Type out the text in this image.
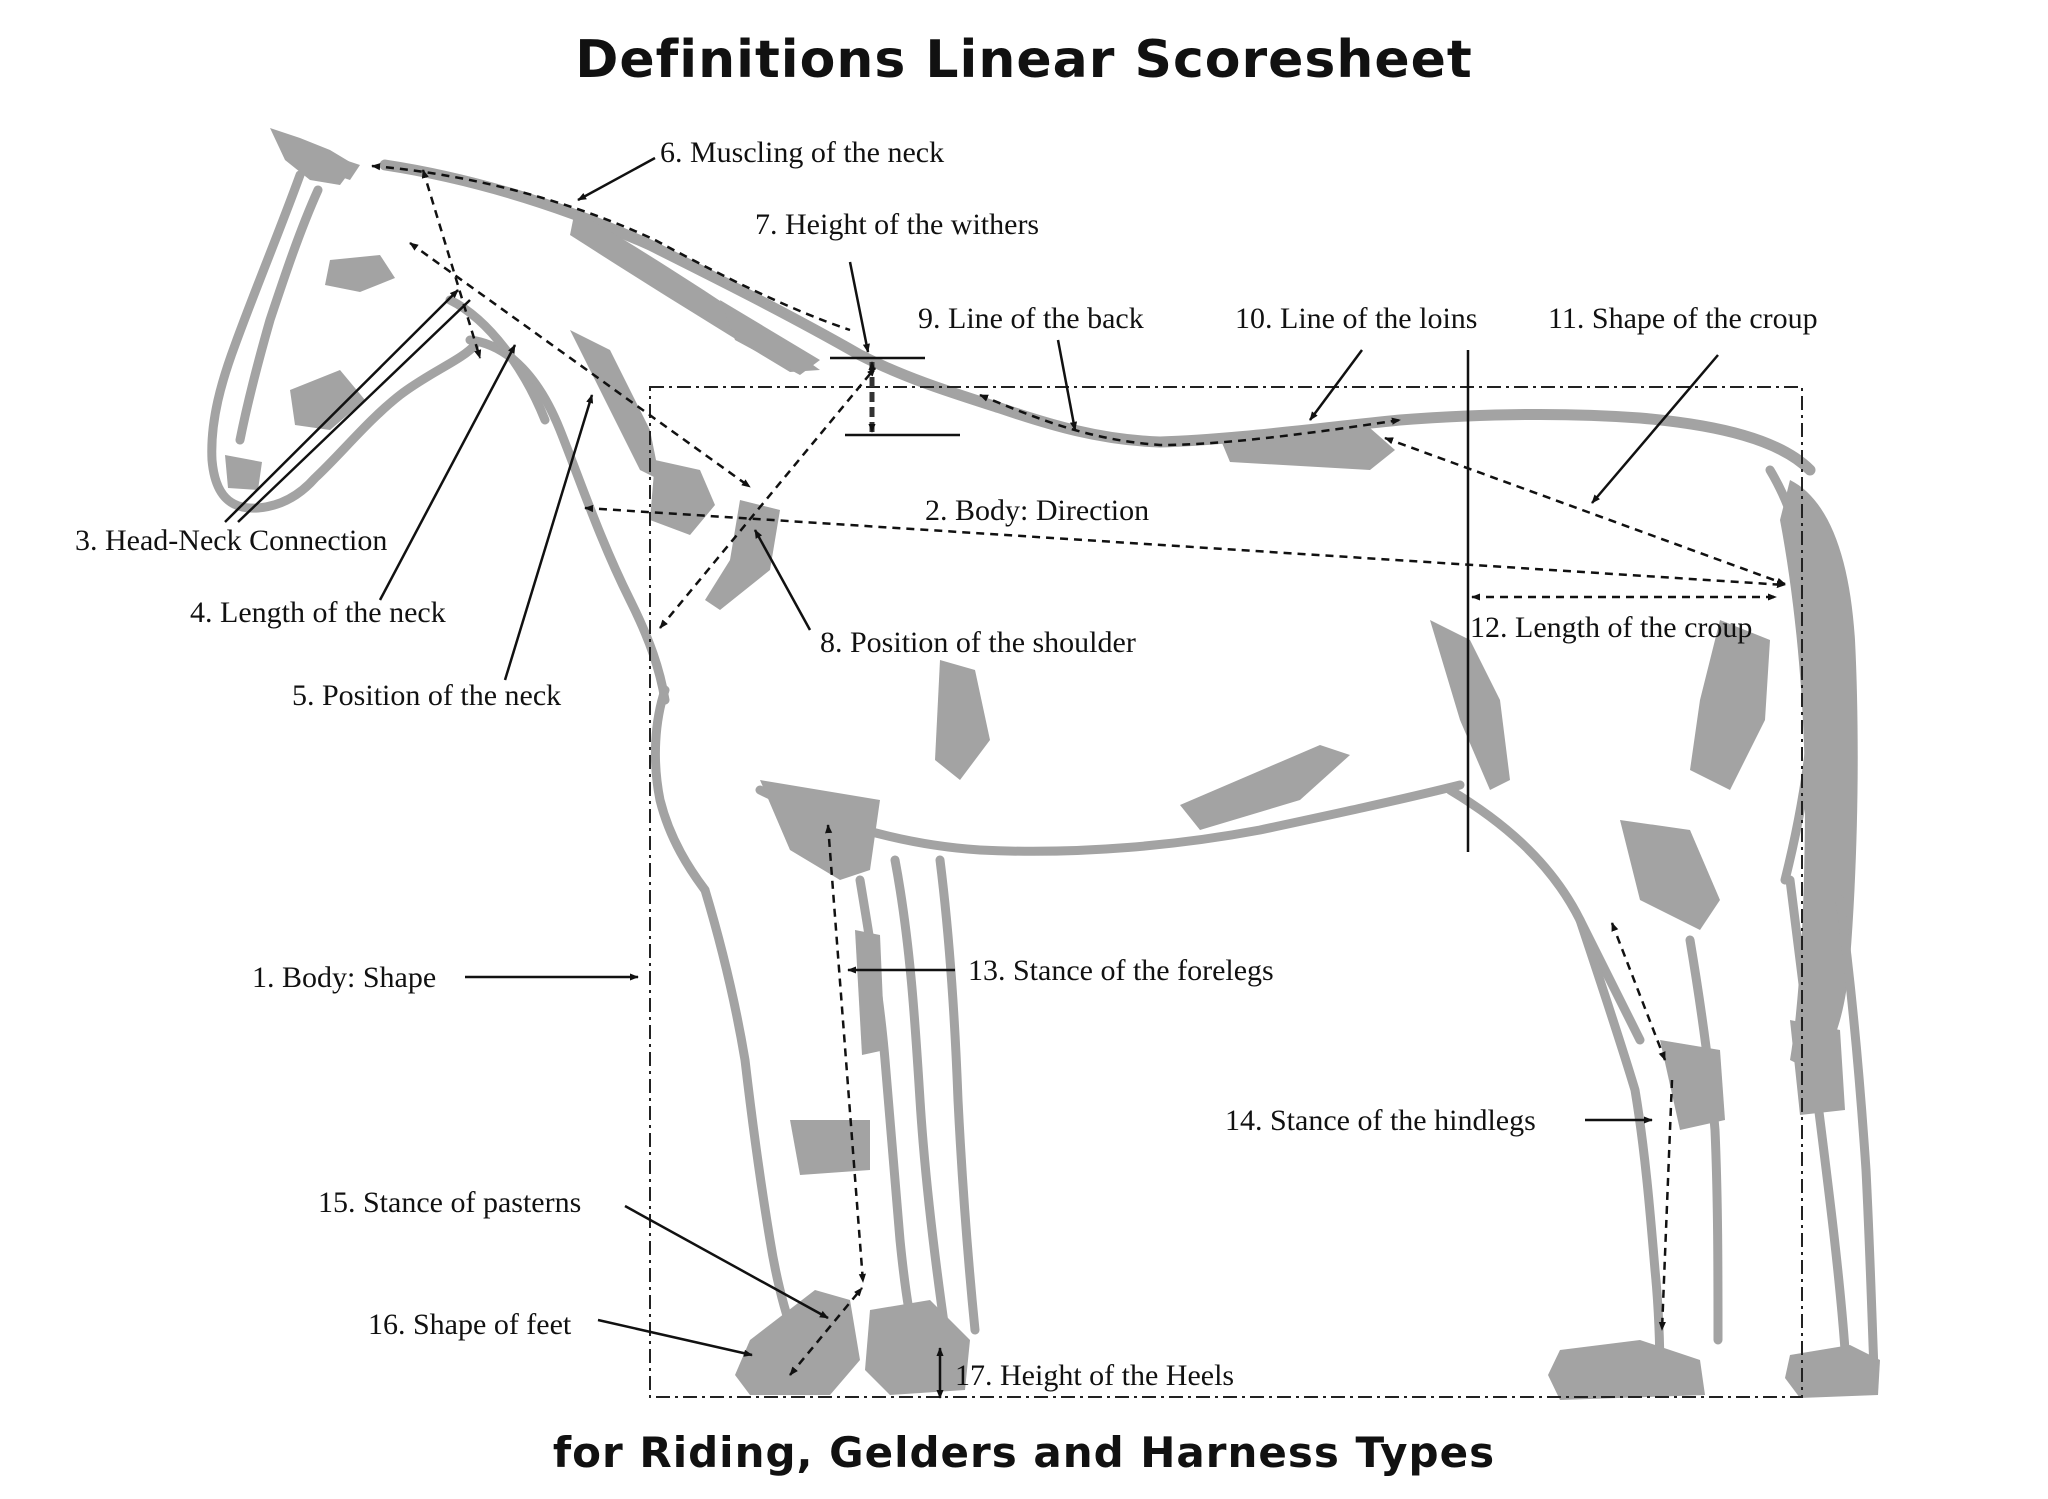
Definitions Linear Scoresheet
6. Muscling of the neck
7. Height of the withers
9. Line of the back	10. Line of the loins 11. Shape of the croup
2. Body: Direction
3. Head-Neck Connection
4. Length of the neck
5. Position of the neck
8. Position of the shoulder	12. Length of the croup
1. Body: Shape	13. Stance of the forelegs
14. Stance of the hindlegs
15. Stance of pasterns
16. Shape of feet
17. Height of the Heels
for Riding, Gelders and Harness Types
